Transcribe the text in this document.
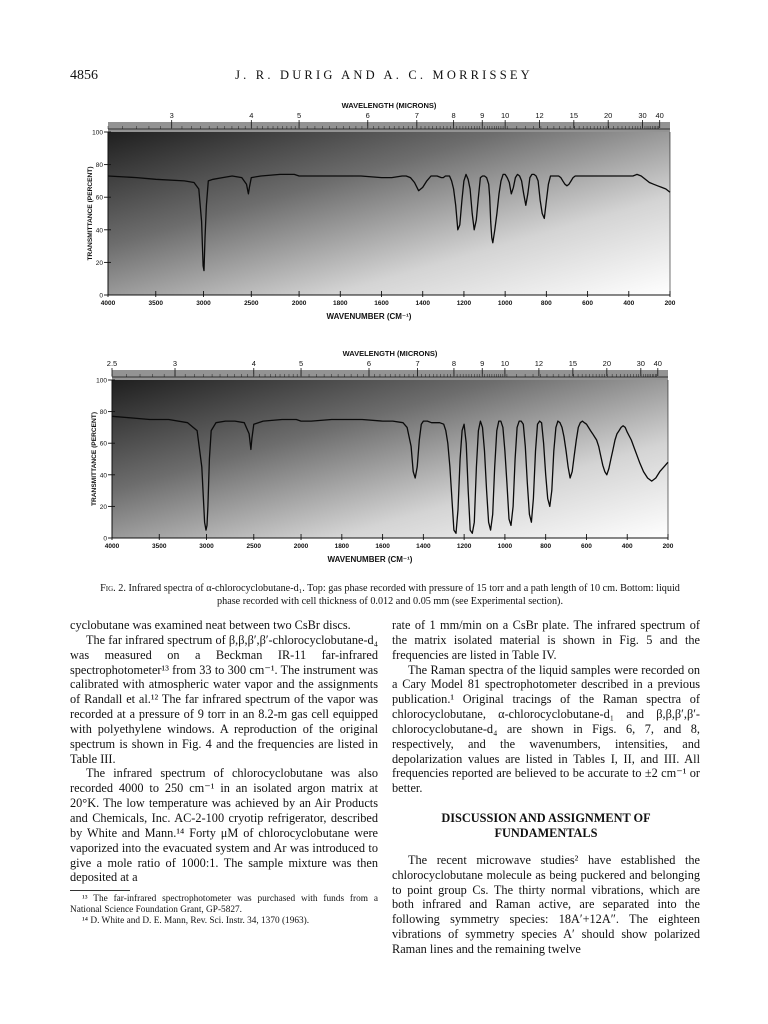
4856	J. R. DURIG AND A. C. MORRISSEY
WAVELENGTH (MICRONS)
3	4	5	6	7	8	9 10	12	15	20	30 40
0
20
40
60
80
100
TRANSMITTANCE (PERCENT)
4000	3500	3000	2500	2000	1800	1600	1400	1200	1000	800	600	400	200
WAVENUMBER (CM⁻¹)
WAVELENGTH (MICRONS)
2.5	3	4	5	6	7	8	9 10	12	15	20	30 40
0
20
40
60
80
100
TRANSMITTANCE (PERCENT)
4000	3500	3000	2500	2000	1800	1600	1400	1200	1000	800	600	400	200
WAVENUMBER (CM⁻¹)
Fig. 2. Infrared spectra of α-chlorocyclobutane-d₁. Top: gas phase recorded with pressure of 15 torr and a path length of 10 cm. Bottom: liquid phase recorded with cell thickness of 0.012 and 0.05 mm (see Experimental section).

cyclobutane was examined neat between two CsBr discs.

The far infrared spectrum of β,β,β′,β′-chlorocyclobutane-d₄ was measured on a Beckman IR-11 far-infrared spectrophotometer¹³ from 33 to 300 cm⁻¹. The instrument was calibrated with atmospheric water vapor and the assignments of Randall et al.¹² The far infrared spectrum of the vapor was recorded at a pressure of 9 torr in an 8.2-m gas cell equipped with polyethylene windows. A reproduction of the original spectrum is shown in Fig. 4 and the frequencies are listed in Table III.

The infrared spectrum of chlorocyclobutane was also recorded 4000 to 250 cm⁻¹ in an isolated argon matrix at 20°K. The low temperature was achieved by an Air Products and Chemicals, Inc. AC-2-100 cryotip refrigerator, described by White and Mann.¹⁴ Forty μM of chlorocyclobutane were vaporized into the evacuated system and Ar was introduced to give a mole ratio of 1000:1. The sample mixture was then deposited at a

¹³ The far-infrared spectrophotometer was purchased with funds from a National Science Foundation Grant, GP-5827.

¹⁴ D. White and D. E. Mann, Rev. Sci. Instr. 34, 1370 (1963).

rate of 1 mm/min on a CsBr plate. The infrared spectrum of the matrix isolated material is shown in Fig. 5 and the frequencies are listed in Table IV.

The Raman spectra of the liquid samples were recorded on a Cary Model 81 spectrophotometer described in a previous publication.¹ Original tracings of the Raman spectra of chlorocyclobutane, α-chlorocyclobutane-d₁ and β,β,β′,β′-chlorocyclobutane-d₄ are shown in Figs. 6, 7, and 8, respectively, and the wavenumbers, intensities, and depolarization values are listed in Tables I, II, and III. All frequencies reported are believed to be accurate to ±2 cm⁻¹ or better.

DISCUSSION AND ASSIGNMENT OF FUNDAMENTALS

The recent microwave studies² have established the chlorocyclobutane molecule as being puckered and belonging to point group Cs. The thirty normal vibrations, which are both infrared and Raman active, are separated into the following symmetry species: 18A′+12A″. The eighteen vibrations of symmetry species A′ should show polarized Raman lines and the remaining twelve
